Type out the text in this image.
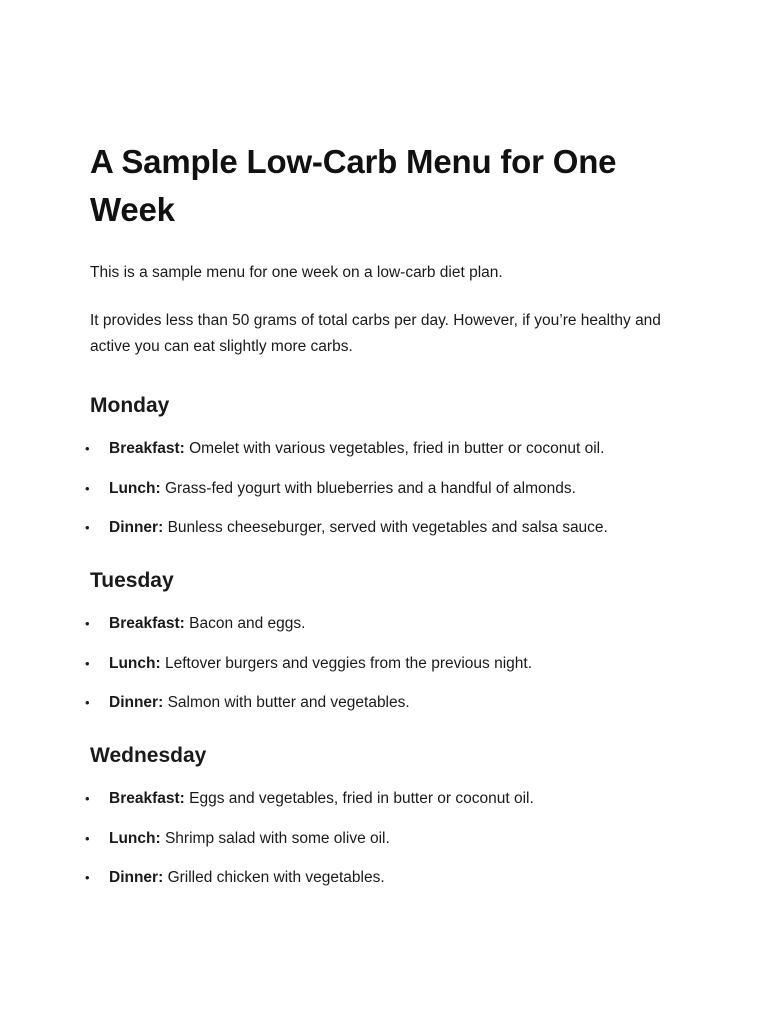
A Sample Low-Carb Menu for One Week

This is a sample menu for one week on a low-carb diet plan.

It provides less than 50 grams of total carbs per day. However, if you’re healthy and active you can eat slightly more carbs.

Monday
• Breakfast: Omelet with various vegetables, fried in butter or coconut oil.
• Lunch: Grass-fed yogurt with blueberries and a handful of almonds.
• Dinner: Bunless cheeseburger, served with vegetables and salsa sauce.
Tuesday
• Breakfast: Bacon and eggs.
• Lunch: Leftover burgers and veggies from the previous night.
• Dinner: Salmon with butter and vegetables.
Wednesday
• Breakfast: Eggs and vegetables, fried in butter or coconut oil.
• Lunch: Shrimp salad with some olive oil.
• Dinner: Grilled chicken with vegetables.
